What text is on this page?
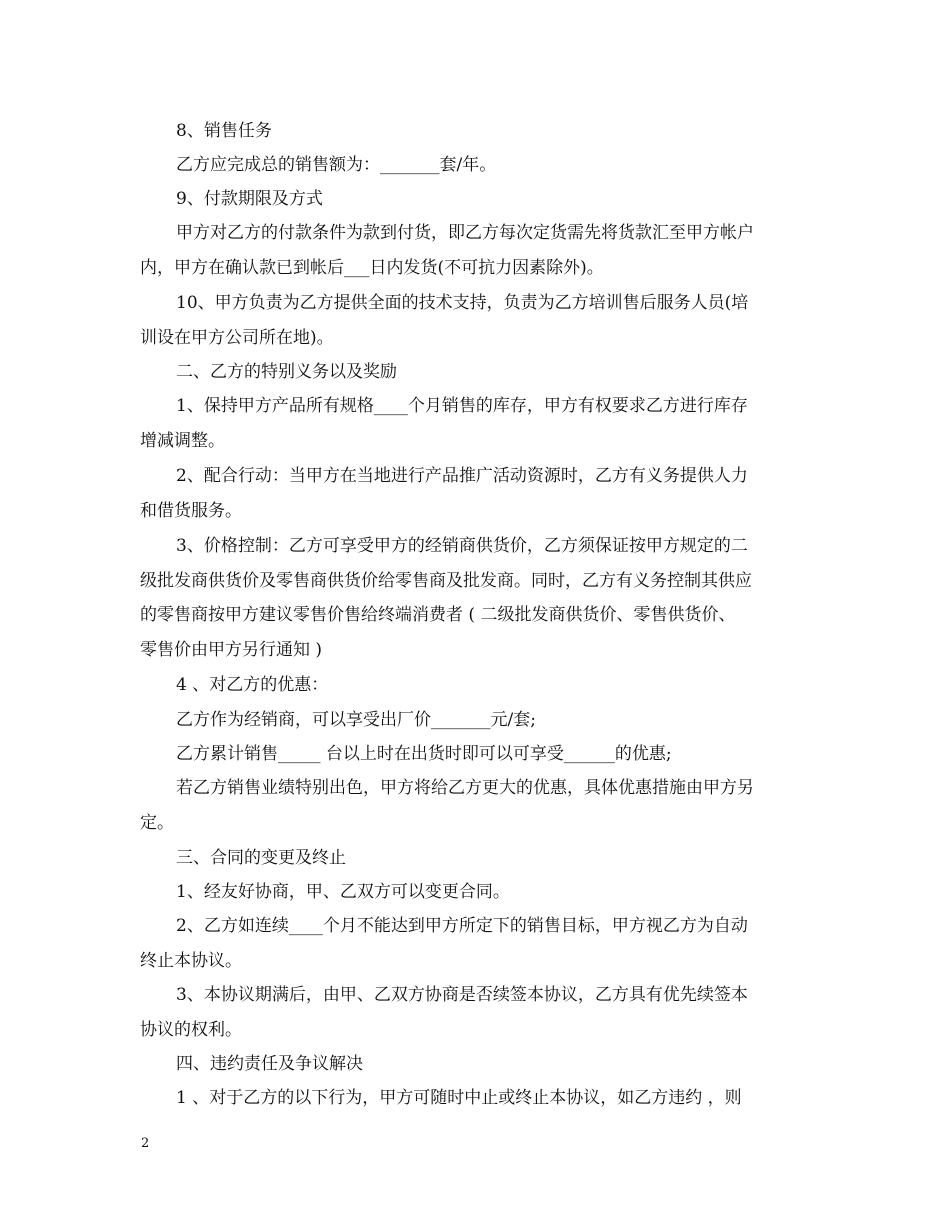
8、销售任务

乙方应完成总的销售额为：_______套/年。

9、付款期限及方式

甲方对乙方的付款条件为款到付货，即乙方每次定货需先将货款汇至甲方帐户

内，甲方在确认款已到帐后___日内发货(不可抗力因素除外)。

10、甲方负责为乙方提供全面的技术支持，负责为乙方培训售后服务人员(培

训设在甲方公司所在地)。

二、乙方的特别义务以及奖励

1、保持甲方产品所有规格____个月销售的库存，甲方有权要求乙方进行库存

增减调整。

2、配合行动：当甲方在当地进行产品推广活动资源时，乙方有义务提供人力

和借货服务。

3、价格控制：乙方可享受甲方的经销商供货价，乙方须保证按甲方规定的二

级批发商供货价及零售商供货价给零售商及批发商。同时，乙方有义务控制其供应

的零售商按甲方建议零售价售给终端消费者 ( 二级批发商供货价、零售供货价、

零售价由甲方另行通知 )

4 、对乙方的优惠：

乙方作为经销商，可以享受出厂价_______元/套;

乙方累计销售_____ 台以上时在出货时即可以可享受______的优惠;

若乙方销售业绩特别出色，甲方将给乙方更大的优惠，具体优惠措施由甲方另

定。

三、合同的变更及终止

1、经友好协商，甲、乙双方可以变更合同。

2、乙方如连续____个月不能达到甲方所定下的销售目标，甲方视乙方为自动

终止本协议。

3、本协议期满后，由甲、乙双方协商是否续签本协议，乙方具有优先续签本

协议的权利。

四、违约责任及争议解决

1 、对于乙方的以下行为，甲方可随时中止或终止本协议，如乙方违约 ，则

2
